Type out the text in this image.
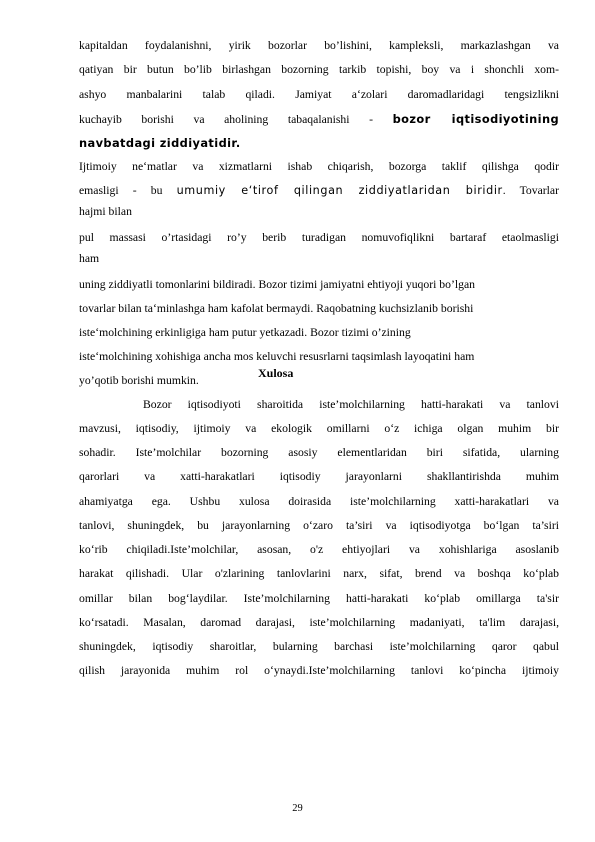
kapitaldan foydalanishni, yirik bozorlar bo’lishini, kampleksli, markazlashgan va
qatiyan bir butun bo’lib birlashgan bozorning tarkib topishi, boy va i shonchli xom-
ashyo manbalarini talab qiladi. Jamiyat a‘zolari daromadlaridagi tengsizlikni
kuchayib borishi va aholining tabaqalanishi - bozor iqtisodiyotining
navbatdagi ziddiyatidir.
Ijtimoiy ne‘matlar va xizmatlarni ishab chiqarish, bozorga taklif qilishga qodir
emasligi - bu umumiy e‘tirof qilingan ziddiyatlaridan biridir. Tovarlar
hajmi bilan
pul massasi o’rtasidagi ro’y berib turadigan nomuvofiqlikni bartaraf etaolmasligi
ham
uning ziddiyatli tomonlarini bildiradi. Bozor tizimi jamiyatni ehtiyoji yuqori bo’lgan
tovarlar bilan ta‘minlashga ham kafolat bermaydi. Raqobatning kuchsizlanib borishi
iste‘molchining erkinligiga ham putur yetkazadi. Bozor tizimi o’zining
iste‘molchining xohishiga ancha mos keluvchi resusrlarni taqsimlash layoqatini ham
Xulosa
Bozor iqtisodiyoti sharoitida iste’molchilarning hatti-harakati va tanlovi
mavzusi, iqtisodiy, ijtimoiy va ekologik omillarni o‘z ichiga olgan muhim bir
sohadir. Iste’molchilar bozorning asosiy elementlaridan biri sifatida, ularning
qarorlari va xatti-harakatlari iqtisodiy jarayonlarni shakllantirishda muhim
ahamiyatga ega. Ushbu xulosa doirasida iste’molchilarning xatti-harakatlari va
tanlovi, shuningdek, bu jarayonlarning o‘zaro ta’siri va iqtisodiyotga bo‘lgan ta’siri
ko‘rib chiqiladi.Iste’molchilar, asosan, o'z ehtiyojlari va xohishlariga asoslanib
harakat qilishadi. Ular o'zlarining tanlovlarini narx, sifat, brend va boshqa ko‘plab
omillar bilan bog‘laydilar. Iste’molchilarning hatti-harakati ko‘plab omillarga ta'sir
ko‘rsatadi. Masalan, daromad darajasi, iste’molchilarning madaniyati, ta'lim darajasi,
shuningdek, iqtisodiy sharoitlar, bularning barchasi iste’molchilarning qaror qabul
qilish jarayonida muhim rol o‘ynaydi.Iste’molchilarning tanlovi ko‘pincha ijtimoiy
29
yo’qotib borishi mumkin.
